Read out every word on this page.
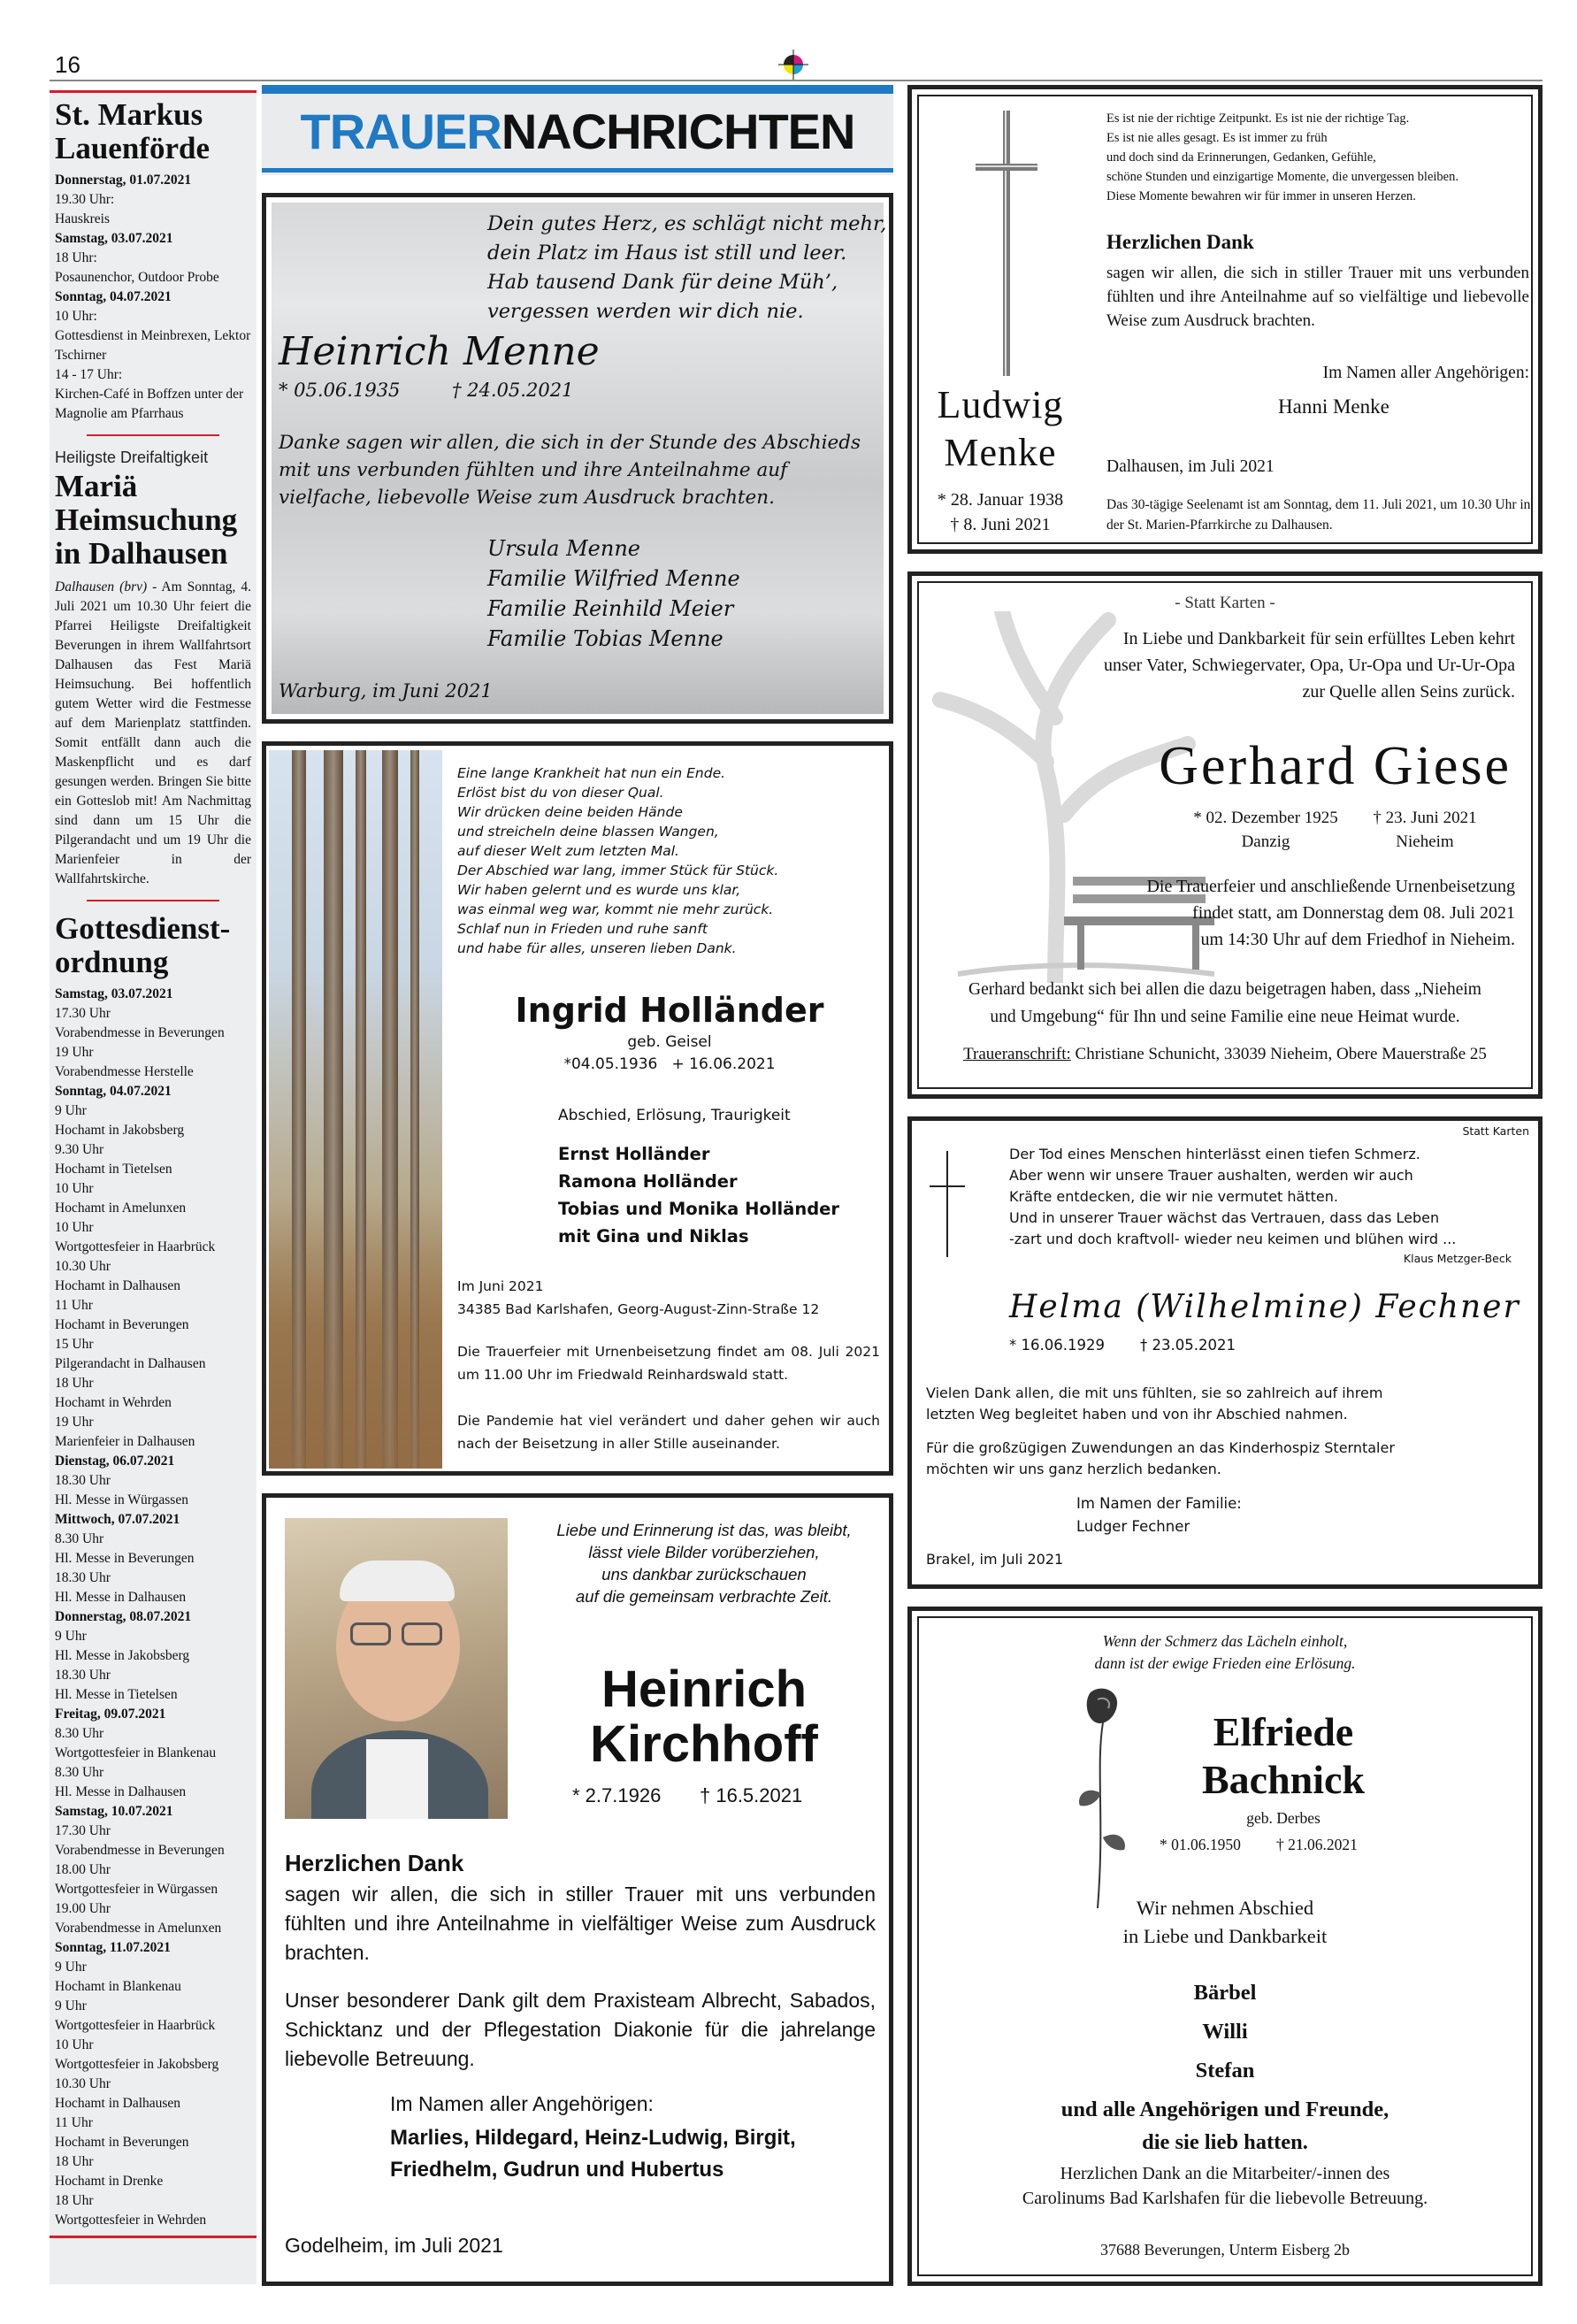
16
St. Markus Lauenförde
Donnerstag, 01.07.2021
19.30 Uhr:
Hauskreis
Samstag, 03.07.2021
18 Uhr:
Posaunenchor, Outdoor Probe
Sonntag, 04.07.2021
10 Uhr:
Gottesdienst in Meinbrexen, Lektor Tschirner
14 - 17 Uhr:
Kirchen-Café in Boffzen unter der Magnolie am Pfarrhaus
Heiligste Dreifaltigkeit
Mariä Heimsuchung in Dalhausen
Dalhausen (brv) - Am Sonntag, 4. Juli 2021 um 10.30 Uhr feiert die Pfarrei Heiligste Dreifaltigkeit Beverungen in ihrem Wallfahrtsort Dalhausen das Fest Mariä Heimsuchung. Bei hoffentlich gutem Wetter wird die Festmesse auf dem Marienplatz stattfinden. Somit entfällt dann auch die Maskenpflicht und es darf gesungen werden. Bringen Sie bitte ein Gotteslob mit! Am Nachmittag sind dann um 15 Uhr die Pilgerandacht und um 19 Uhr die Marienfeier in der Wallfahrtskirche.
Gottesdienst-ordnung
Samstag, 03.07.2021
17.30 Uhr
Vorabendmesse in Beverungen
19 Uhr
Vorabendmesse Herstelle
Sonntag, 04.07.2021
9 Uhr
Hochamt in Jakobsberg
9.30 Uhr
Hochamt in Tietelsen
10 Uhr
Hochamt in Amelunxen
10 Uhr
Wortgottesfeier in Haarbrück
10.30 Uhr
Hochamt in Dalhausen
11 Uhr
Hochamt in Beverungen
15 Uhr
Pilgerandacht in Dalhausen
18 Uhr
Hochamt in Wehrden
19 Uhr
Marienfeier in Dalhausen
Dienstag, 06.07.2021
18.30 Uhr
Hl. Messe in Würgassen
Mittwoch, 07.07.2021
8.30 Uhr
Hl. Messe in Beverungen
18.30 Uhr
Hl. Messe in Dalhausen
Donnerstag, 08.07.2021
9 Uhr
Hl. Messe in Jakobsberg
18.30 Uhr
Hl. Messe in Tietelsen
Freitag, 09.07.2021
8.30 Uhr
Wortgottesfeier in Blankenau
8.30 Uhr
Hl. Messe in Dalhausen
Samstag, 10.07.2021
17.30 Uhr
Vorabendmesse in Beverungen
18.00 Uhr
Wortgottesfeier in Würgassen
19.00 Uhr
Vorabendmesse in Amelunxen
Sonntag, 11.07.2021
9 Uhr
Hochamt in Blankenau
9 Uhr
Wortgottesfeier in Haarbrück
10 Uhr
Wortgottesfeier in Jakobsberg
10.30 Uhr
Hochamt in Dalhausen
11 Uhr
Hochamt in Beverungen
18 Uhr
Hochamt in Drenke
18 Uhr
Wortgottesfeier in Wehrden
TRAUERNACHRICHTEN
Dein gutes Herz, es schlägt nicht mehr,
dein Platz im Haus ist still und leer.
Hab tausend Dank für deine Müh’,
vergessen werden wir dich nie.
Heinrich Menne
* 05.06.1935	† 24.05.2021
Danke sagen wir allen, die sich in der Stunde des Abschieds mit uns verbunden fühlten und ihre Anteilnahme auf vielfache, liebevolle Weise zum Ausdruck brachten.
Ursula Menne
Familie Wilfried Menne
Familie Reinhild Meier
Familie Tobias Menne
Warburg, im Juni 2021
Ludwig
Menke
* 28. Januar 1938
† 8. Juni 2021
Es ist nie der richtige Zeitpunkt. Es ist nie der richtige Tag.
Es ist nie alles gesagt. Es ist immer zu früh
und doch sind da Erinnerungen, Gedanken, Gefühle,
schöne Stunden und einzigartige Momente, die unvergessen bleiben.
Diese Momente bewahren wir für immer in unseren Herzen.
Herzlichen Dank
sagen wir allen, die sich in stiller Trauer mit uns verbunden fühlten und ihre Anteilnahme auf so vielfältige und liebevolle Weise zum Ausdruck brachten.
Im Namen aller Angehörigen:
Hanni Menke
Dalhausen, im Juli 2021
Das 30-tägige Seelenamt ist am Sonntag, dem 11. Juli 2021, um 10.30 Uhr in der St. Marien-Pfarrkirche zu Dalhausen.
- Statt Karten -
In Liebe und Dankbarkeit für sein erfülltes Leben kehrt
unser Vater, Schwiegervater, Opa, Ur-Opa und Ur-Ur-Opa
zur Quelle allen Seins zurück.
Gerhard Giese
* 02. Dezember 1925
Danzig
† 23. Juni 2021
Nieheim
Die Trauerfeier und anschließende Urnenbeisetzung
findet statt, am Donnerstag dem 08. Juli 2021
um 14:30 Uhr auf dem Friedhof in Nieheim.
Gerhard bedankt sich bei allen die dazu beigetragen haben, dass „Nieheim
und Umgebung“ für Ihn und seine Familie eine neue Heimat wurde.
Traueranschrift: Christiane Schunicht, 33039 Nieheim, Obere Mauerstraße 25
Eine lange Krankheit hat nun ein Ende.
Erlöst bist du von dieser Qual.
Wir drücken deine beiden Hände
und streicheln deine blassen Wangen,
auf dieser Welt zum letzten Mal.
Der Abschied war lang, immer Stück für Stück.
Wir haben gelernt und es wurde uns klar,
was einmal weg war, kommt nie mehr zurück.
Schlaf nun in Frieden und ruhe sanft
und habe für alles, unseren lieben Dank.
Ingrid Holländer
geb. Geisel
*04.05.1936   + 16.06.2021
Abschied, Erlösung, Traurigkeit
Ernst Holländer
Ramona Holländer
Tobias und Monika Holländer
mit Gina und Niklas
Im Juni 2021
34385 Bad Karlshafen, Georg-August-Zinn-Straße 12
Die Trauerfeier mit Urnenbeisetzung findet am 08. Juli 2021 um 11.00 Uhr im Friedwald Reinhardswald statt.
Die Pandemie hat viel verändert und daher gehen wir auch nach der Beisetzung in aller Stille auseinander.
Statt Karten
Der Tod eines Menschen hinterlässt einen tiefen Schmerz.
Aber wenn wir unsere Trauer aushalten, werden wir auch
Kräfte entdecken, die wir nie vermutet hätten.
Und in unserer Trauer wächst das Vertrauen, dass das Leben
-zart und doch kraftvoll- wieder neu keimen und blühen wird ...
Klaus Metzger-Beck
Helma (Wilhelmine) Fechner
* 16.06.1929 † 23.05.2021
Vielen Dank allen, die mit uns fühlten, sie so zahlreich auf ihrem
letzten Weg begleitet haben und von ihr Abschied nahmen.
Für die großzügigen Zuwendungen an das Kinderhospiz Sterntaler
möchten wir uns ganz herzlich bedanken.
Im Namen der Familie:
Ludger Fechner
Brakel, im Juli 2021
Liebe und Erinnerung ist das, was bleibt,
lässt viele Bilder vorüberziehen,
uns dankbar zurückschauen
auf die gemeinsam verbrachte Zeit.
Heinrich
Kirchhoff
* 2.7.1926 † 16.5.2021
Herzlichen Dank
sagen wir allen, die sich in stiller Trauer mit uns verbunden fühlten und ihre Anteilnahme in vielfältiger Weise zum Ausdruck brachten.
Unser besonderer Dank gilt dem Praxisteam Albrecht, Sabados, Schicktanz und der Pflegestation Diakonie für die jahrelange liebevolle Betreuung.
Im Namen aller Angehörigen:
Marlies, Hildegard, Heinz-Ludwig, Birgit, Friedhelm, Gudrun und Hubertus
Godelheim, im Juli 2021
Wenn der Schmerz das Lächeln einholt,
dann ist der ewige Frieden eine Erlösung.
Elfriede
Bachnick
geb. Derbes
* 01.06.1950 † 21.06.2021
Wir nehmen Abschied
in Liebe und Dankbarkeit
Bärbel
Willi
Stefan
und alle Angehörigen und Freunde,
die sie lieb hatten.
Herzlichen Dank an die Mitarbeiter/-innen des
Carolinums Bad Karlshafen für die liebevolle Betreuung.
37688 Beverungen, Unterm Eisberg 2b
